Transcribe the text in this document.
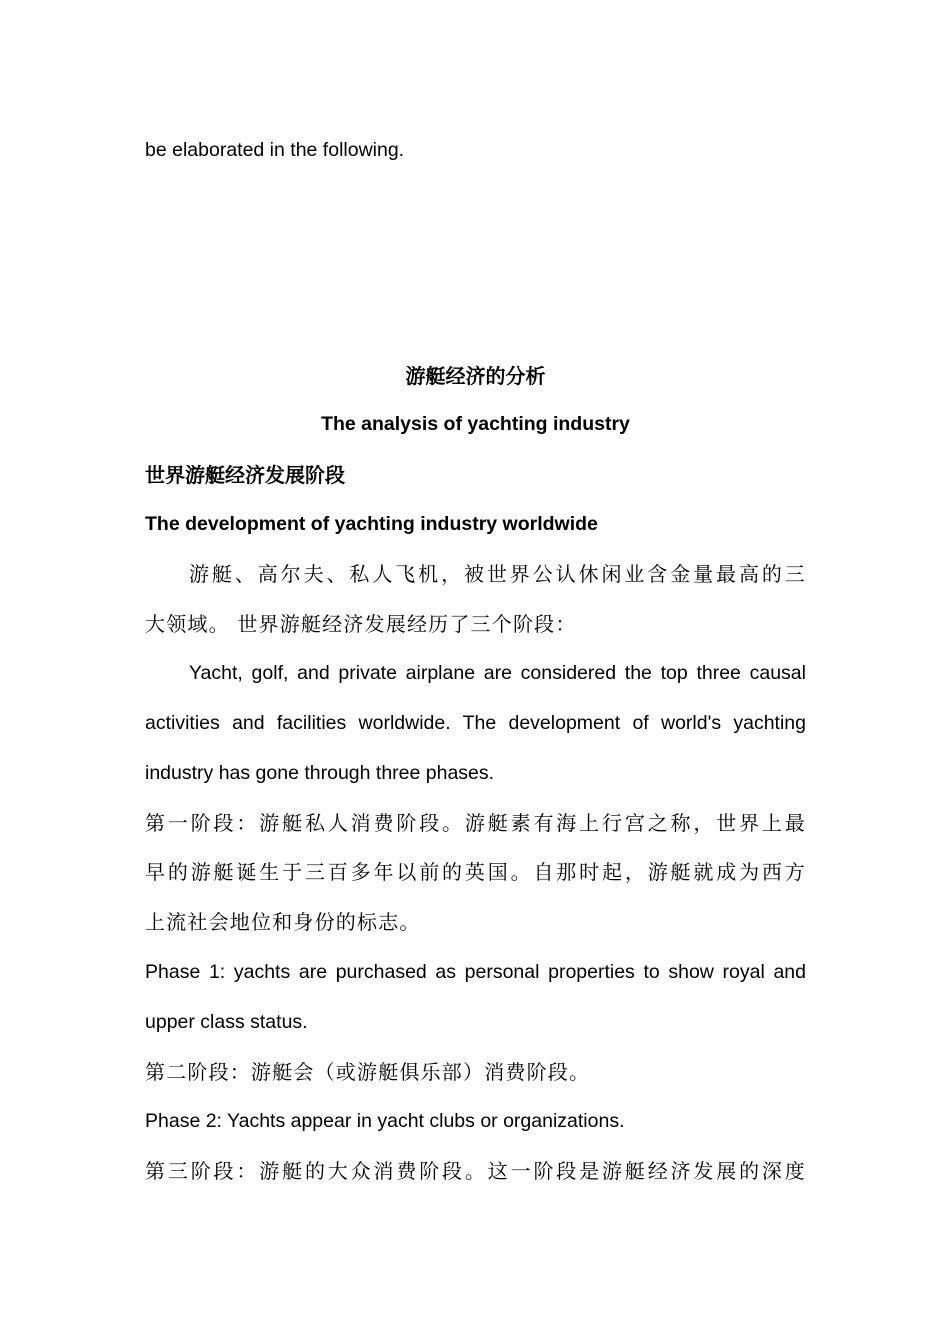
be elaborated in the following.
游艇经济的分析
The analysis of yachting industry
世界游艇经济发展阶段
The development of yachting industry worldwide
游艇、高尔夫、私人飞机，被世界公认休闲业含金量最高的三
大领域。 世界游艇经济发展经历了三个阶段：
Yacht, golf, and private airplane are considered the top three causal
activities and facilities worldwide. The development of world's yachting
industry has gone through three phases.
第一阶段：游艇私人消费阶段。游艇素有海上行宫之称，世界上最
早的游艇诞生于三百多年以前的英国。自那时起，游艇就成为西方
上流社会地位和身份的标志。
Phase 1: yachts are purchased as personal properties to show royal and
upper class status.
第二阶段：游艇会（或游艇俱乐部）消费阶段。
Phase 2: Yachts appear in yacht clubs or organizations.
第三阶段：游艇的大众消费阶段。这一阶段是游艇经济发展的深度
